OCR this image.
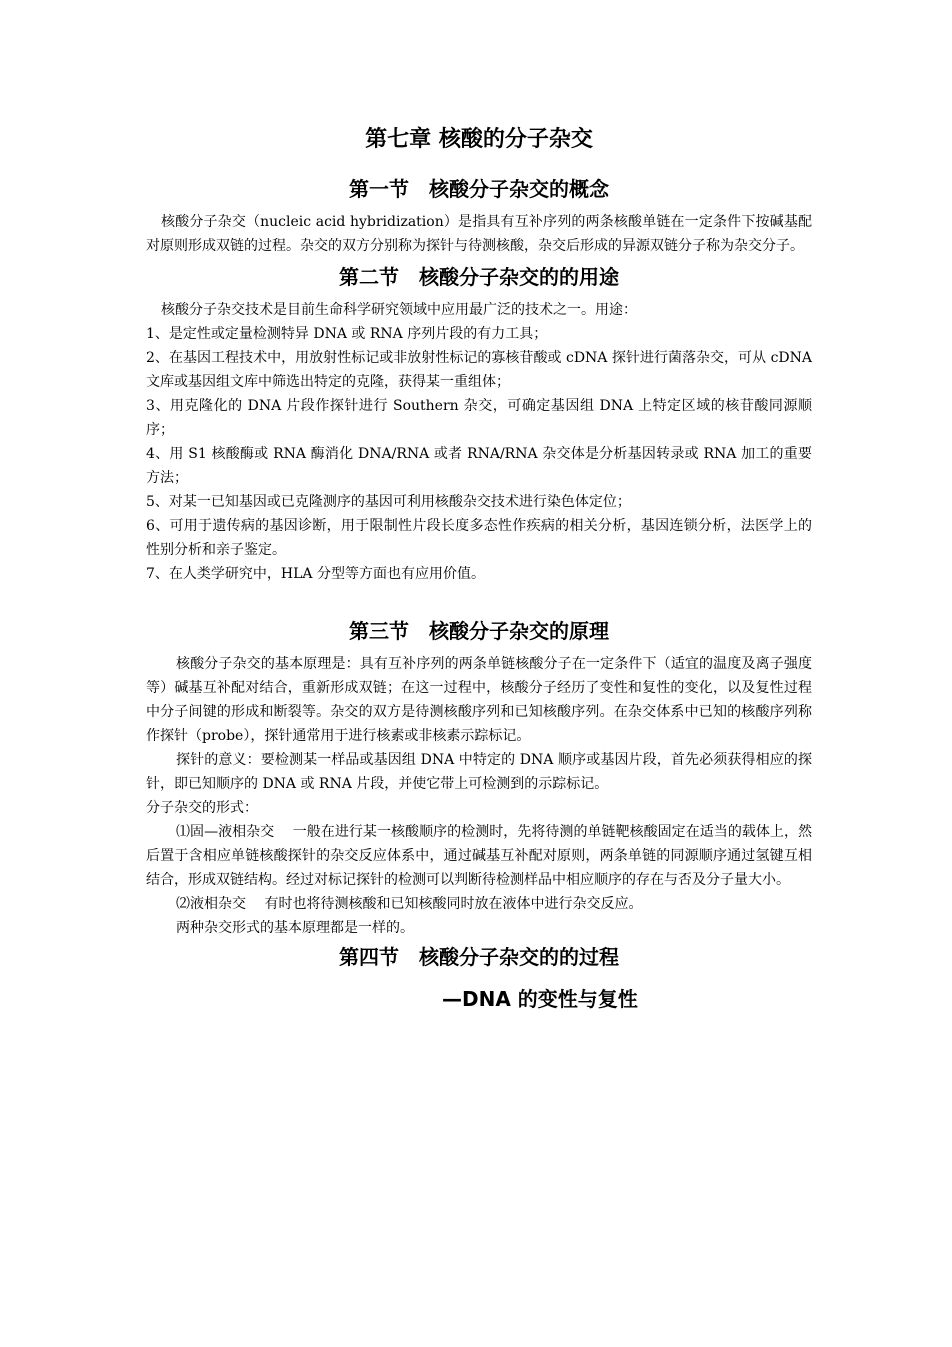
第七章 核酸的分子杂交
第一节　核酸分子杂交的概念

核酸分子杂交（nucleic acid hybridization）是指具有互补序列的两条核酸单链在一定条件下按碱基配对原则形成双链的过程。杂交的双方分别称为探针与待测核酸，杂交后形成的异源双链分子称为杂交分子。

第二节　核酸分子杂交的的用途

核酸分子杂交技术是目前生命科学研究领域中应用最广泛的技术之一。用途：

1、是定性或定量检测特异 DNA 或 RNA 序列片段的有力工具；

2、在基因工程技术中，用放射性标记或非放射性标记的寡核苷酸或 cDNA 探针进行菌落杂交，可从 cDNA 文库或基因组文库中筛选出特定的克隆，获得某一重组体；

3、用克隆化的 DNA 片段作探针进行 Southern 杂交，可确定基因组 DNA 上特定区域的核苷酸同源顺序；

4、用 S1 核酸酶或 RNA 酶消化 DNA/RNA 或者 RNA/RNA 杂交体是分析基因转录或 RNA 加工的重要方法；

5、对某一已知基因或已克隆测序的基因可利用核酸杂交技术进行染色体定位；

6、可用于遗传病的基因诊断，用于限制性片段长度多态性作疾病的相关分析，基因连锁分析，法医学上的性别分析和亲子鉴定。

7、在人类学研究中，HLA 分型等方面也有应用价值。

第三节　核酸分子杂交的原理

核酸分子杂交的基本原理是：具有互补序列的两条单链核酸分子在一定条件下（适宜的温度及离子强度等）碱基互补配对结合，重新形成双链；在这一过程中，核酸分子经历了变性和复性的变化，以及复性过程中分子间键的形成和断裂等。杂交的双方是待测核酸序列和已知核酸序列。在杂交体系中已知的核酸序列称作探针（probe），探针通常用于进行核素或非核素示踪标记。

探针的意义：要检测某一样品或基因组 DNA 中特定的 DNA 顺序或基因片段，首先必须获得相应的探针，即已知顺序的 DNA 或 RNA 片段，并使它带上可检测到的示踪标记。

分子杂交的形式：

⑴固—液相杂交　 一般在进行某一核酸顺序的检测时，先将待测的单链靶核酸固定在适当的载体上，然后置于含相应单链核酸探针的杂交反应体系中，通过碱基互补配对原则，两条单链的同源顺序通过氢键互相结合，形成双链结构。经过对标记探针的检测可以判断待检测样品中相应顺序的存在与否及分子量大小。

⑵液相杂交　 有时也将待测核酸和已知核酸同时放在液体中进行杂交反应。

两种杂交形式的基本原理都是一样的。

第四节　核酸分子杂交的的过程
—DNA 的变性与复性
